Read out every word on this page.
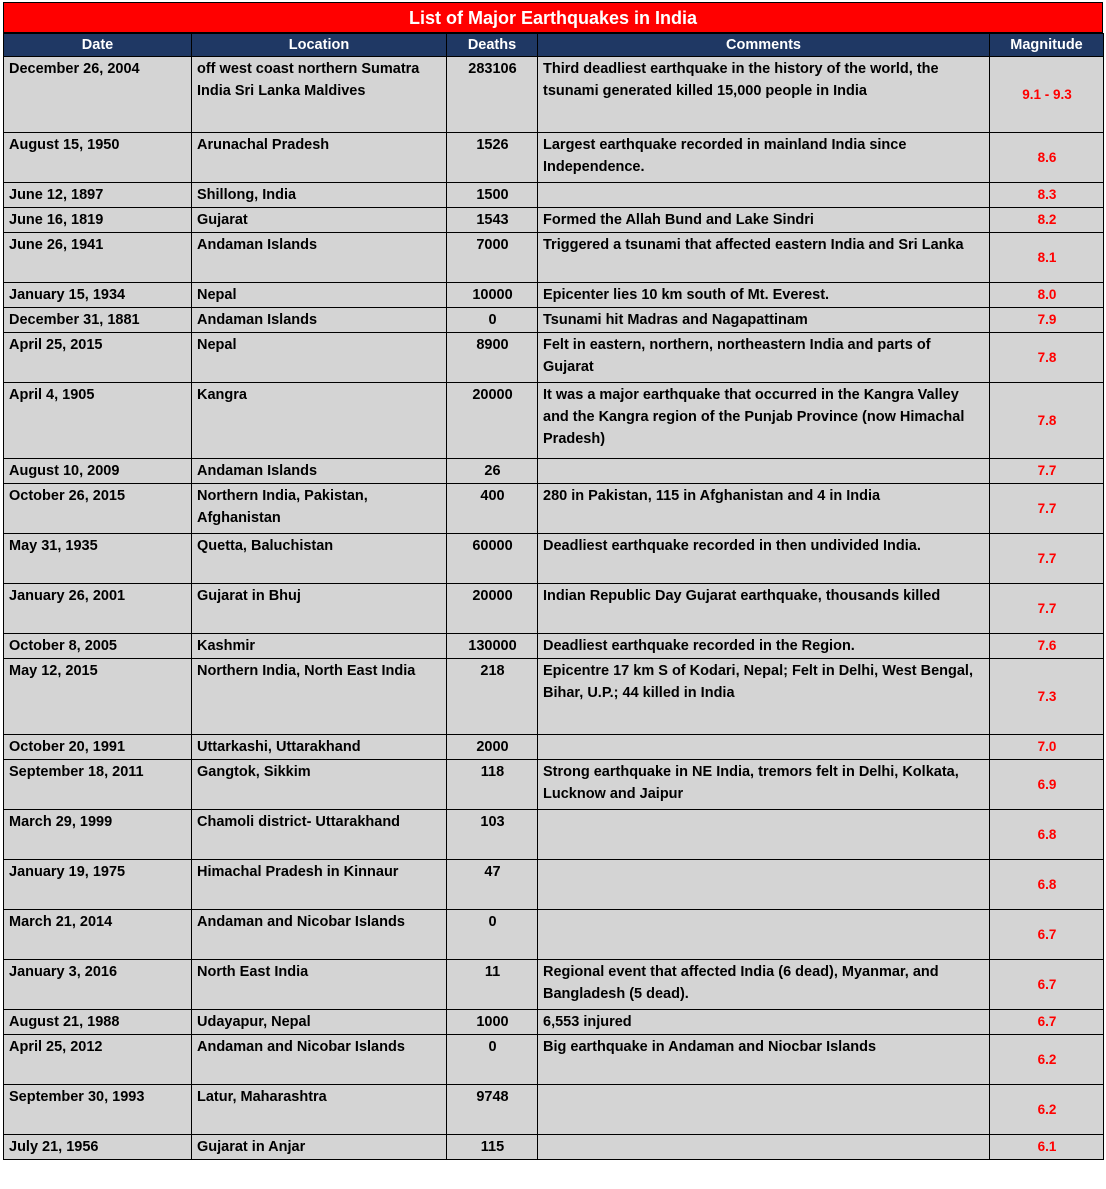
List of Major Earthquakes in India
Date	Location	Deaths	Comments	Magnitude
December 26, 2004	off west coast northern Sumatra India Sri Lanka Maldives	283106	Third deadliest earthquake in the history of the world, the tsunami generated killed 15,000 people in India	9.1 - 9.3
August 15, 1950	Arunachal Pradesh	1526	Largest earthquake recorded in mainland India since Independence.	8.6
June 12, 1897	Shillong, India	1500		8.3
June 16, 1819	Gujarat	1543	Formed the Allah Bund and Lake Sindri	8.2
June 26, 1941	Andaman Islands	7000	Triggered a tsunami that affected eastern India and Sri Lanka	8.1
January 15, 1934	Nepal	10000	Epicenter lies 10 km south of Mt. Everest.	8.0
December 31, 1881	Andaman Islands	0	Tsunami hit Madras and Nagapattinam	7.9
April 25, 2015	Nepal	8900	Felt in eastern, northern, northeastern India and parts of Gujarat	7.8
April 4, 1905	Kangra	20000	It was a major earthquake that occurred in the Kangra Valley and the Kangra region of the Punjab Province (now Himachal Pradesh)	7.8
August 10, 2009	Andaman Islands	26		7.7
October 26, 2015	Northern India, Pakistan, Afghanistan	400	280 in Pakistan, 115 in Afghanistan and 4 in India	7.7
May 31, 1935	Quetta, Baluchistan	60000	Deadliest earthquake recorded in then undivided India.	7.7
January 26, 2001	Gujarat in Bhuj	20000	Indian Republic Day Gujarat earthquake, thousands killed	7.7
October 8, 2005	Kashmir	130000	Deadliest earthquake recorded in the Region.	7.6
May 12, 2015	Northern India, North East India	218	Epicentre 17 km S of Kodari, Nepal; Felt in Delhi, West Bengal, Bihar, U.P.; 44 killed in India	7.3
October 20, 1991	Uttarkashi, Uttarakhand	2000		7.0
September 18, 2011	Gangtok, Sikkim	118	Strong earthquake in NE India, tremors felt in Delhi, Kolkata, Lucknow and Jaipur	6.9
March 29, 1999	Chamoli district- Uttarakhand	103		6.8
January 19, 1975	Himachal Pradesh in Kinnaur	47		6.8
March 21, 2014	Andaman and Nicobar Islands	0		6.7
January 3, 2016	North East India	11	Regional event that affected India (6 dead), Myanmar, and Bangladesh (5 dead).	6.7
August 21, 1988	Udayapur, Nepal	1000	6,553 injured	6.7
April 25, 2012	Andaman and Nicobar Islands	0	Big earthquake in Andaman and Niocbar Islands	6.2
September 30, 1993	Latur, Maharashtra	9748		6.2
July 21, 1956	Gujarat in Anjar	115		6.1
